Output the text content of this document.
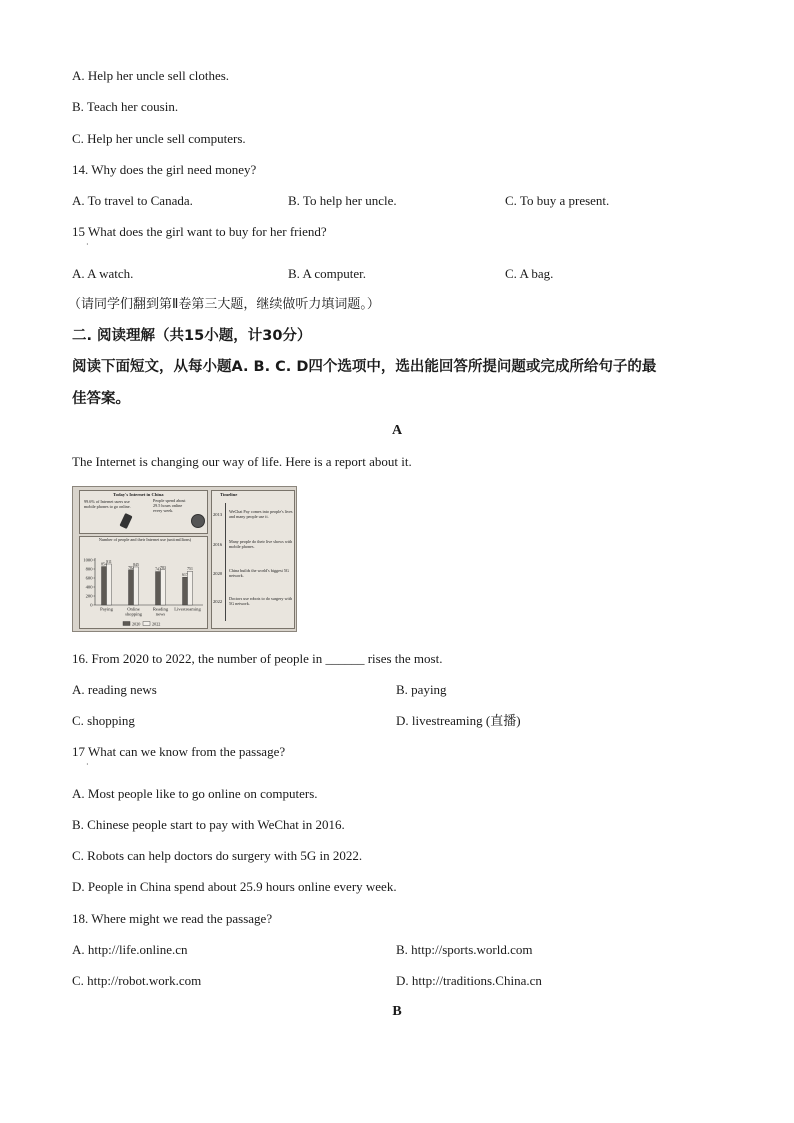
A. Help her uncle sell clothes.
B. Teach her cousin.
C. Help her uncle sell computers.
14. Why does the girl need money?
A. To travel to Canada.	B. To help her uncle.	C. To buy a present.
15 What does the girl want to buy for her friend?
·
A. A watch.	B. A computer.	C. A bag.
（请同学们翻到第Ⅱ卷第三大题，继续做听力填词题。）
二. 阅读理解（共15小题，计30分）
阅读下面短文，从每小题A. B. C. D四个选项中，选出能回答所提问题或完成所给句子的最
佳答案。
A
The Internet is changing our way of life. Here is a report about it.
Today's Internet in China
99.6% of Internet users use mobile phones to go online.
People spend about 29.5 hours online every week.
Number of people and their Internet use (unit:millions)
0
200
400
600
800
1000
854
911
Paying
782
845
Online
shopping
743 783
Reading
news
617
751
Livestreaming
2020	2022
Timeline
2013
WeChat Pay comes into people's lives and many people use it.
2016
Many people do their live shows with mobile phones.
2020
China builds the world's biggest 5G network.
2022
Doctors use robots to do surgery with 5G network.
16. From 2020 to 2022, the number of people in ______ rises the most.
A. reading news	B. paying
C. shopping	D. livestreaming (直播)
17 What can we know from the passage?
·
A. Most people like to go online on computers.
B. Chinese people start to pay with WeChat in 2016.
C. Robots can help doctors do surgery with 5G in 2022.
D. People in China spend about 25.9 hours online every week.
18. Where might we read the passage?
A. http://life.online.cn	B. http://sports.world.com
C. http://robot.work.com	D. http://traditions.China.cn
B
